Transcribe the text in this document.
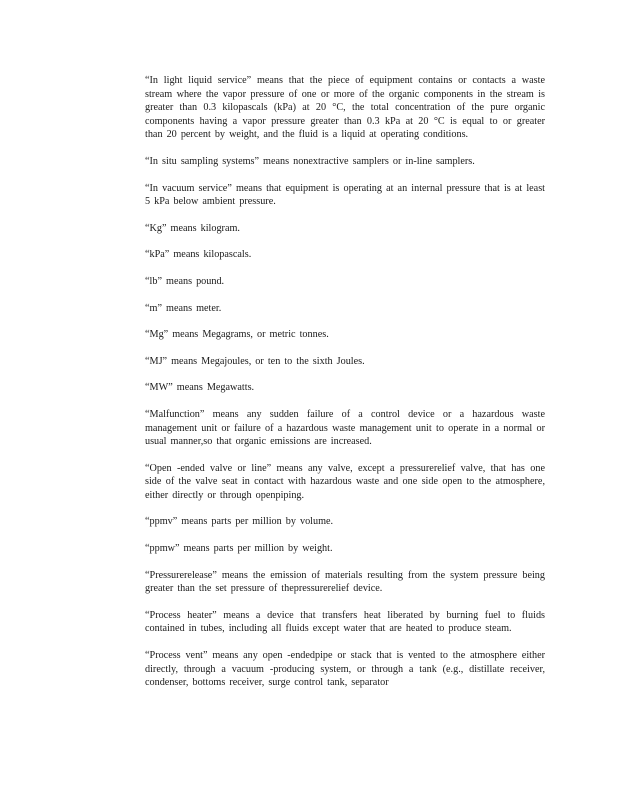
“In light liquid service” means that the piece of equipment contains or contacts a waste stream where the vapor pressure of one or more of the organic components in the stream is greater than 0.3 kilopascals (kPa) at 20 °C, the total concentration of the pure organic components having a vapor pressure greater than 0.3 kPa at 20 °C is equal to or greater than 20 percent by weight, and the fluid is a liquid at operating conditions.

“In situ sampling systems” means nonextractive samplers or in-line samplers.

“In vacuum service” means that equipment is operating at an internal pressure that is at least 5 kPa below ambient pressure.

“Kg” means kilogram.

“kPa” means kilopascals.

“lb” means pound.

“m” means meter.

“Mg” means Megagrams, or metric tonnes.

“MJ” means Megajoules, or ten to the sixth Joules.

“MW” means Megawatts.

“Malfunction” means any sudden failure of a control device or a hazardous waste management unit or failure of a hazardous waste management unit to operate in a normal or usual manner,so that organic emissions are increased.

“Open -ended valve or line” means any valve, except a pressurerelief valve, that has one side of the valve seat in contact with hazardous waste and one side open to the atmosphere, either directly or through openpiping.

“ppmv” means parts per million by volume.

“ppmw” means parts per million by weight.

“Pressurerelease” means the emission of materials resulting from the system pressure being greater than the set pressure of thepressurerelief device.

“Process heater” means a device that transfers heat liberated by burning fuel to fluids contained in tubes, including all fluids except water that are heated to produce steam.

“Process vent” means any open -endedpipe or stack that is vented to the atmosphere either directly, through a vacuum -producing system, or through a tank (e.g., distillate receiver, condenser, bottoms receiver, surge control tank, separator
